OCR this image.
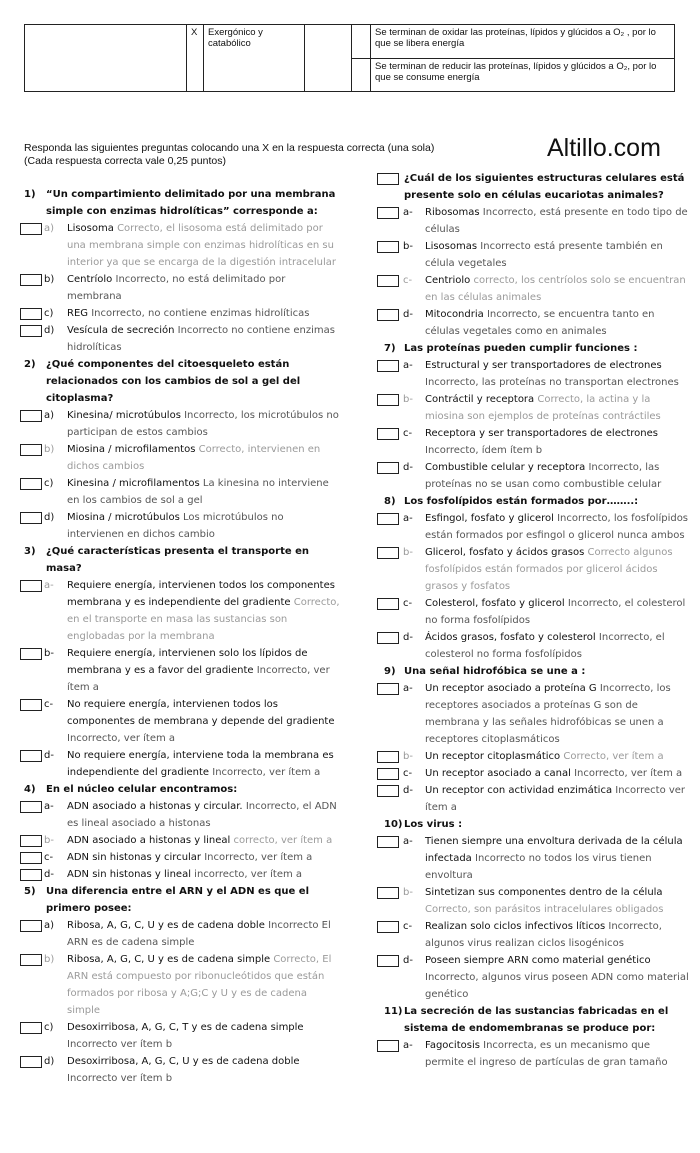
	X	Exergónico y catabólico			Se terminan de oxidar las proteínas, lípidos y glúcidos a O₂ , por lo que se libera energía
					Se terminan de reducir las proteínas, lípidos y glúcidos a O₂, por lo que se consume energía
Responda las siguientes preguntas colocando una X en la respuesta correcta (una sola)
(Cada respuesta correcta vale 0,25 puntos)	Altillo.com
1) “Un compartimiento delimitado por una membrana
simple con enzimas hidrolíticas” corresponde a:
a) Lisosoma Correcto, el lisosoma está delimitado por una membrana simple con enzimas hidrolíticas en su interior ya que se encarga de la digestión intracelular
b) Centríolo Incorrecto, no está delimitado por membrana
c) REG Incorrecto, no contiene enzimas hidrolíticas
d) Vesícula de secreción Incorrecto no contiene enzimas hidrolíticas
2) ¿Qué componentes del citoesqueleto están
relacionados con los cambios de sol a gel del
citoplasma?
a) Kinesina/ microtúbulos Incorrecto, los microtúbulos no participan de estos cambios
b) Miosina / microfilamentos Correcto, intervienen en dichos cambios
c) Kinesina / microfilamentos La kinesina no interviene en los cambios de sol a gel
d) Miosina / microtúbulos Los microtúbulos no intervienen en dichos cambio
3) ¿Qué características presenta el transporte en masa?
a- Requiere energía, intervienen todos los componentes membrana y es independiente del gradiente Correcto, en el transporte en masa las sustancias son englobadas por la membrana
b- Requiere energía, intervienen solo los lípidos de membrana y es a favor del gradiente Incorrecto, ver ítem a
c- No requiere energía, intervienen todos los componentes de membrana y depende del gradiente Incorrecto, ver ítem a
d- No requiere energía, interviene toda la membrana es independiente del gradiente Incorrecto, ver ítem a
4) En el núcleo celular encontramos:
a- ADN asociado a histonas y circular. Incorrecto, el ADN es lineal asociado a histonas
b- ADN asociado a histonas y lineal correcto, ver ítem a
c- ADN sin histonas y circular Incorrecto, ver ítem a
d- ADN sin histonas y lineal incorrecto, ver ítem a
5) Una diferencia entre el ARN y el ADN es que el
primero posee:
a) Ribosa, A, G, C, U y es de cadena doble Incorrecto El ARN es de cadena simple
b) Ribosa, A, G, C, U y es de cadena simple Correcto, El ARN está compuesto por ribonucleótidos que están formados por ribosa y A;G;C y U y es de cadena simple
c) Desoxirribosa, A, G, C, T y es de cadena simple Incorrecto ver ítem b
d) Desoxirribosa, A, G, C, U y es de cadena doble Incorrecto ver ítem b
¿Cuál de los siguientes estructuras celulares está
presente solo en células eucariotas animales?
a- Ribosomas Incorrecto, está presente en todo tipo de células
b- Lisosomas Incorrecto está presente también en célula vegetales
c- Centriolo correcto, los centríolos solo se encuentran en las células animales
d- Mitocondria Incorrecto, se encuentra tanto en células vegetales como en animales
7) Las proteínas pueden cumplir funciones :
a- Estructural y ser transportadores de electrones Incorrecto, las proteínas no transportan electrones
b- Contráctil y receptora Correcto, la actina y la miosina son ejemplos de proteínas contráctiles
c- Receptora y ser transportadores de electrones Incorrecto, ídem ítem b
d- Combustible celular y receptora Incorrecto, las proteínas no se usan como combustible celular
8) Los fosfolípidos están formados por……..:
a- Esfingol, fosfato y glicerol Incorrecto, los fosfolípidos están formados por esfingol o glicerol nunca ambos
b- Glicerol, fosfato y ácidos grasos Correcto algunos fosfolípidos están formados por glicerol ácidos grasos y fosfatos
c- Colesterol, fosfato y glicerol Incorrecto, el colesterol no forma fosfolípidos
d- Ácidos grasos, fosfato y colesterol Incorrecto, el colesterol no forma fosfolípidos
9) Una señal hidrofóbica se une a :
a- Un receptor asociado a proteína G Incorrecto, los receptores asociados a proteínas G son de membrana y las señales hidrofóbicas se unen a receptores citoplasmáticos
b- Un receptor citoplasmático Correcto, ver ítem a
c- Un receptor asociado a canal Incorrecto, ver ítem a
d- Un receptor con actividad enzimática Incorrecto ver ítem a
10) Los virus :
a- Tienen siempre una envoltura derivada de la célula infectada Incorrecto no todos los virus tienen envoltura
b- Sintetizan sus componentes dentro de la célula Correcto, son parásitos intracelulares obligados
c- Realizan solo ciclos infectivos líticos Incorrecto, algunos virus realizan ciclos lisogénicos
d- Poseen siempre ARN como material genético Incorrecto, algunos virus poseen ADN como material genético
11) La secreción de las sustancias fabricadas en el
sistema de endomembranas se produce por:
a- Fagocitosis Incorrecta, es un mecanismo que permite el ingreso de partículas de gran tamaño
